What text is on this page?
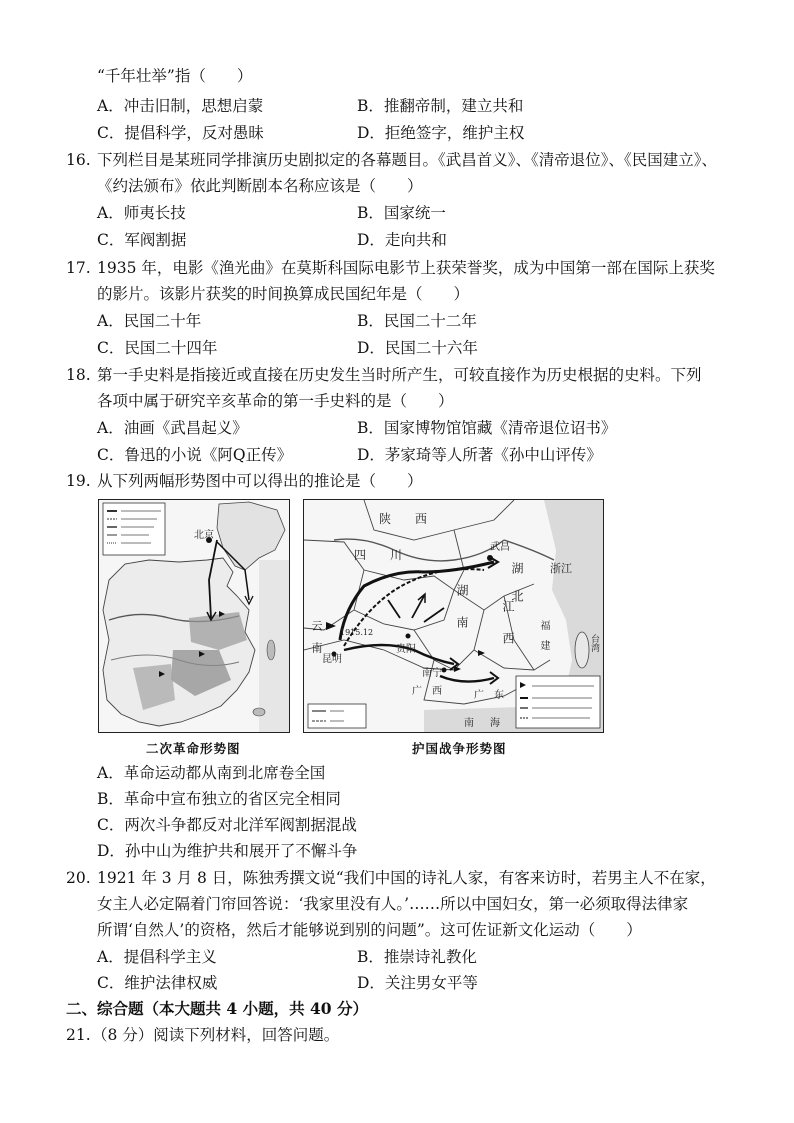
“千年壮举”指（　　）
A．冲击旧制，思想启蒙	B．推翻帝制，建立共和
C．提倡科学，反对愚昧	D．拒绝签字，维护主权
16. 下列栏目是某班同学排演历史剧拟定的各幕题目。《武昌首义》、《清帝退位》、《民国建立》、
《约法颁布》依此判断剧本名称应该是（　　）
A．师夷长技	B．国家统一
C．军阀割据	D．走向共和
17. 1935 年，电影《渔光曲》在莫斯科国际电影节上获荣誉奖，成为中国第一部在国际上获奖
的影片。该影片获奖的时间换算成民国纪年是（　　）
A．民国二十年	B．民国二十二年
C．民国二十四年	D．民国二十六年
18. 第一手史料是指接近或直接在历史发生当时所产生，可较直接作为历史根据的史料。下列
各项中属于研究辛亥革命的第一手史料的是（　　）
A．油画《武昌起义》	B．国家博物馆馆藏《清帝退位诏书》
C．鲁迅的小说《阿Q正传》	D．茅家琦等人所著《孙中山评传》
19. 从下列两幅形势图中可以得出的推论是（　　）
北京
二次革命形势图
陕　西
四　川
武昌
湖　北
湖　南
浙江
江　西
贵阳
云　南
昆明
1915.12
南宁
广　西
福　建
广　东
台湾
南　海
护国战争形势图
A．革命运动都从南到北席卷全国
B．革命中宣布独立的省区完全相同
C．两次斗争都反对北洋军阀割据混战
D．孙中山为维护共和展开了不懈斗争
20. 1921 年 3 月 8 日，陈独秀撰文说“我们中国的诗礼人家，有客来访时，若男主人不在家，
女主人必定隔着门帘回答说：‘我家里没有人。’……所以中国妇女，第一必须取得法律家
所谓‘自然人’的资格，然后才能够说到别的问题”。这可佐证新文化运动（　　）
A．提倡科学主义	B．推崇诗礼教化
C．维护法律权威	D．关注男女平等
二、综合题（本大题共 4 小题，共 40 分）
21. （8 分）阅读下列材料，回答问题。
